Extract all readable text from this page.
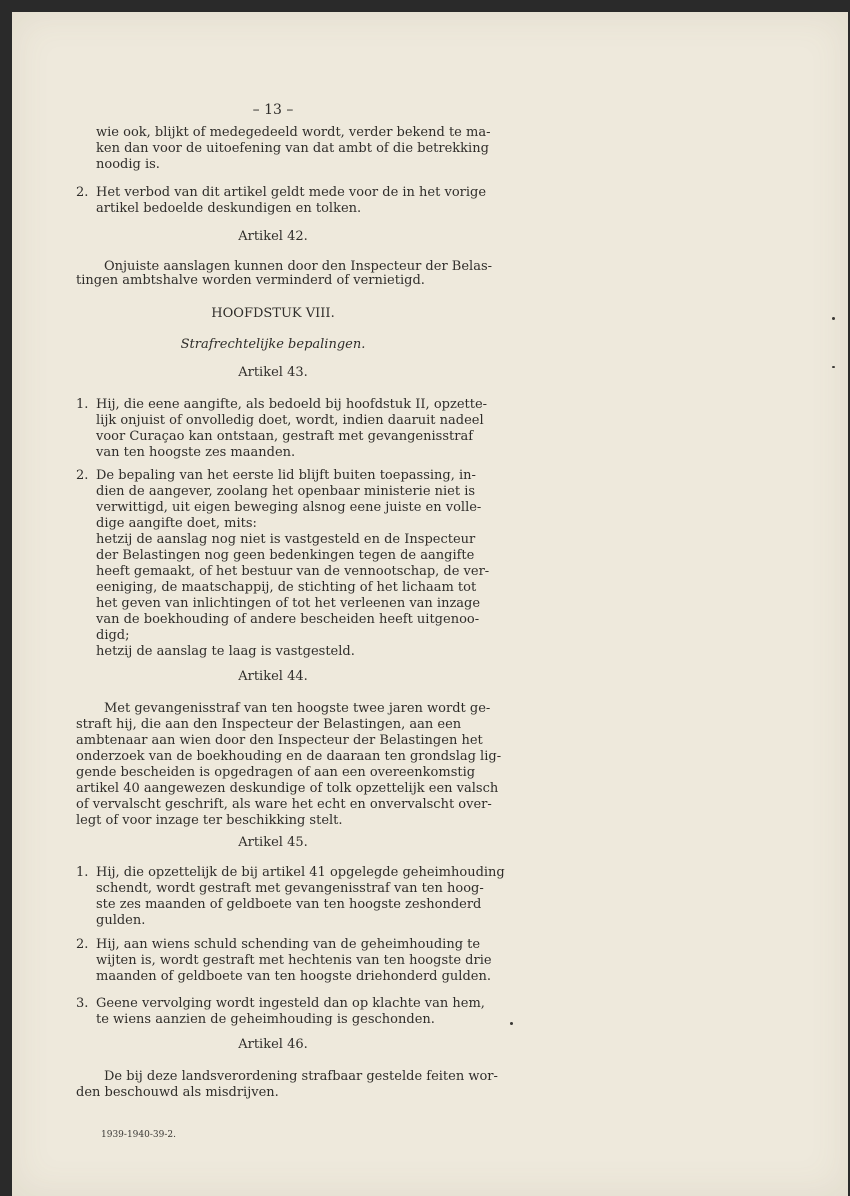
– 13 –
wie ook, blijkt of medegedeeld wordt, verder bekend te ma-
ken dan voor de uitoefening van dat ambt of die betrekking
noodig is.
2. Het verbod van dit artikel geldt mede voor de in het vorige
artikel bedoelde deskundigen en tolken.
Artikel 42.
Onjuiste aanslagen kunnen door den Inspecteur der Belas-
tingen ambtshalve worden verminderd of vernietigd.
HOOFDSTUK VIII.
Strafrechtelijke bepalingen.
Artikel 43.
1. Hij, die eene aangifte, als bedoeld bij hoofdstuk II, opzette-
lijk onjuist of onvolledig doet, wordt, indien daaruit nadeel
voor Curaçao kan ontstaan, gestraft met gevangenisstraf
van ten hoogste zes maanden.
2. De bepaling van het eerste lid blijft buiten toepassing, in-
dien de aangever, zoolang het openbaar ministerie niet is
verwittigd, uit eigen beweging alsnog eene juiste en volle-
dige aangifte doet, mits:
hetzij de aanslag nog niet is vastgesteld en de Inspecteur
der Belastingen nog geen bedenkingen tegen de aangifte
heeft gemaakt, of het bestuur van de vennootschap, de ver-
eeniging, de maatschappij, de stichting of het lichaam tot
het geven van inlichtingen of tot het verleenen van inzage
van de boekhouding of andere bescheiden heeft uitgenoo-
digd;
hetzij de aanslag te laag is vastgesteld.
Artikel 44.
Met gevangenisstraf van ten hoogste twee jaren wordt ge-
straft hij, die aan den Inspecteur der Belastingen, aan een
ambtenaar aan wien door den Inspecteur der Belastingen het
onderzoek van de boekhouding en de daaraan ten grondslag lig-
gende bescheiden is opgedragen of aan een overeenkomstig
artikel 40 aangewezen deskundige of tolk opzettelijk een valsch
of vervalscht geschrift, als ware het echt en onvervalscht over-
legt of voor inzage ter beschikking stelt.
Artikel 45.
1. Hij, die opzettelijk de bij artikel 41 opgelegde geheimhouding
schendt, wordt gestraft met gevangenisstraf van ten hoog-
ste zes maanden of geldboete van ten hoogste zeshonderd
gulden.
2. Hij, aan wiens schuld schending van de geheimhouding te
wijten is, wordt gestraft met hechtenis van ten hoogste drie
maanden of geldboete van ten hoogste driehonderd gulden.
3. Geene vervolging wordt ingesteld dan op klachte van hem,
te wiens aanzien de geheimhouding is geschonden.
Artikel 46.
De bij deze landsverordening strafbaar gestelde feiten wor-
den beschouwd als misdrijven.
1939-1940-39-2.
